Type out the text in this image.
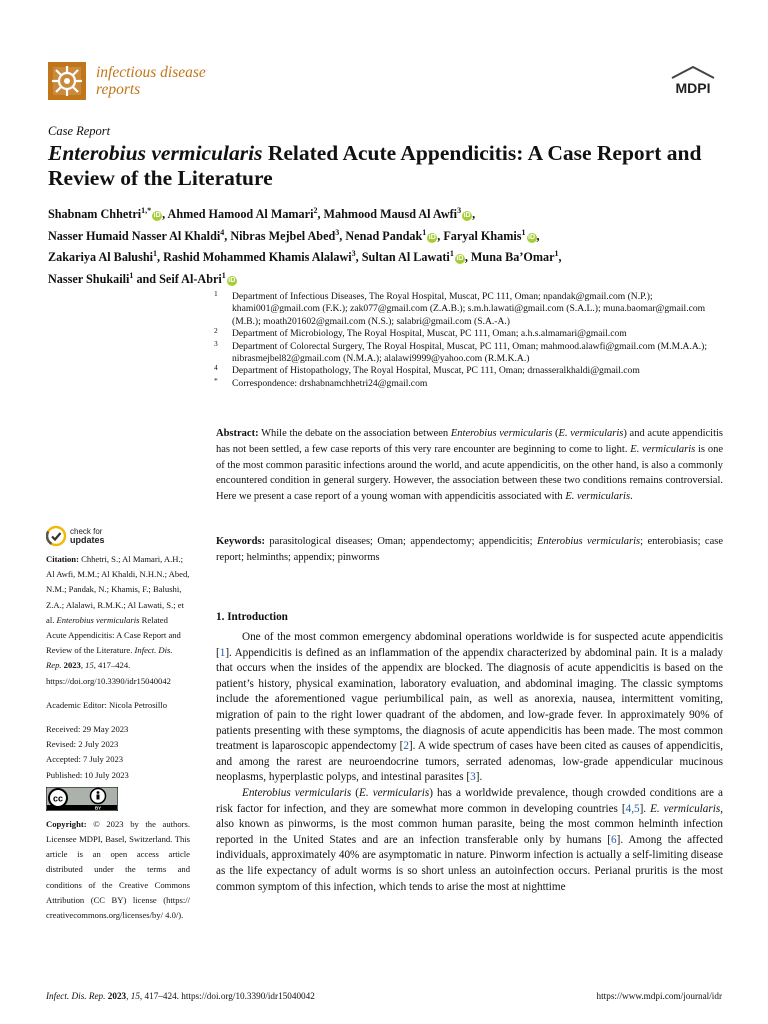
infectious disease
reports	MDPI
Case Report
Enterobius vermicularis Related Acute Appendicitis: A Case Report and Review of the Literature
Shabnam Chhetri$^{1,*}$iD , Ahmed Hamood Al Mamari$^2$, Mahmood Mausd Al Awfi$^3$iD ,
Nasser Humaid Nasser Al Khaldi$^4$, Nibras Mejbel Abed$^3$, Nenad Pandak$^1$iD , Faryal Khamis$^1$iD ,
Zakariya Al Balushi$^1$, Rashid Mohammed Khamis Alalawi$^3$, Sultan Al Lawati$^1$iD , Muna Ba’Omar$^1$,
Nasser Shukaili$^1$ and Seif Al-Abri$^1$iD

1 Department of Infectious Diseases, The Royal Hospital, Muscat, PC 111, Oman; npandak@gmail.com (N.P.); khami001@gmail.com (F.K.); zak077@gmail.com (Z.A.B.); s.m.h.lawati@gmail.com (S.A.L.); muna.baomar@gmail.com (M.B.); moath201602@gmail.com (N.S.); salabri@gmail.com (S.A.-A.)

2 Department of Microbiology, The Royal Hospital, Muscat, PC 111, Oman; a.h.s.almamari@gmail.com

3 Department of Colorectal Surgery, The Royal Hospital, Muscat, PC 111, Oman; mahmood.alawfi@gmail.com (M.M.A.A.); nibrasmejbel82@gmail.com (N.M.A.); alalawi9999@yahoo.com (R.M.K.A.)

4 Department of Histopathology, The Royal Hospital, Muscat, PC 111, Oman; drnasseralkhaldi@gmail.com

* Correspondence: drshabnamchhetri24@gmail.com

Abstract: While the debate on the association between Enterobius vermicularis (E. vermicularis) and acute appendicitis has not been settled, a few case reports of this very rare encounter are beginning to come to light. E. vermicularis is one of the most common parasitic infections around the world, and acute appendicitis, on the other hand, is also a commonly encountered condition in general surgery. However, the association between these two conditions remains controversial. Here we present a case report of a young woman with appendicitis associated with E. vermicularis.
Keywords: parasitological diseases; Oman; appendectomy; appendicitis; Enterobius vermicularis; enterobiasis; case report; helminths; appendix; pinworms
check for
updates

Citation: Chhetri, S.; Al Mamari, A.H.; Al Awfi, M.M.; Al Khaldi, N.H.N.; Abed, N.M.; Pandak, N.; Khamis, F.; Balushi, Z.A.; Alalawi, R.M.K.; Al Lawati, S.; et al. Enterobius vermicularis Related Acute Appendicitis: A Case Report and Review of the Literature. Infect. Dis. Rep. 2023, 15, 417–424. https://doi.org/10.3390/idr15040042

Academic Editor: Nicola Petrosillo

Received: 29 May 2023

Revised: 2 July 2023

Accepted: 7 July 2023

Published: 10 July 2023

cc
BY

Copyright: © 2023 by the authors. Licensee MDPI, Basel, Switzerland. This article is an open access article distributed under the terms and conditions of the Creative Commons Attribution (CC BY) license (https:// creativecommons.org/licenses/by/ 4.0/).

1. Introduction

One of the most common emergency abdominal operations worldwide is for suspected acute appendicitis [1]. Appendicitis is defined as an inflammation of the appendix characterized by abdominal pain. It is a malady that occurs when the insides of the appendix are blocked. The diagnosis of acute appendicitis is based on the patient’s history, physical examination, laboratory evaluation, and abdominal imaging. The classic symptoms include the aforementioned vague periumbilical pain, as well as anorexia, nausea, intermittent vomiting, migration of pain to the right lower quadrant of the abdomen, and low-grade fever. In approximately 90% of patients presenting with these symptoms, the diagnosis of acute appendicitis has been made. The most common treatment is laparoscopic appendectomy [2]. A wide spectrum of cases have been cited as causes of appendicitis, and among the rarest are neuroendocrine tumors, serrated adenomas, low-grade appendicular mucinous neoplasms, hyperplastic polyps, and intestinal parasites [3].

Enterobius vermicularis (E. vermicularis) has a worldwide prevalence, though crowded conditions are a risk factor for infection, and they are somewhat more common in developing countries [4,5]. E. vermicularis, also known as pinworms, is the most common human parasite, being the most common helminth infection reported in the United States and are an infection transferable only by humans [6]. Among the affected individuals, approximately 40% are asymptomatic in nature. Pinworm infection is actually a self-limiting disease as the life expectancy of adult worms is so short unless an autoinfection occurs. Perianal pruritis is the most common symptom of this infection, which tends to arise the most at nighttime

Infect. Dis. Rep. 2023, 15, 417–424. https://doi.org/10.3390/idr15040042	https://www.mdpi.com/journal/idr
